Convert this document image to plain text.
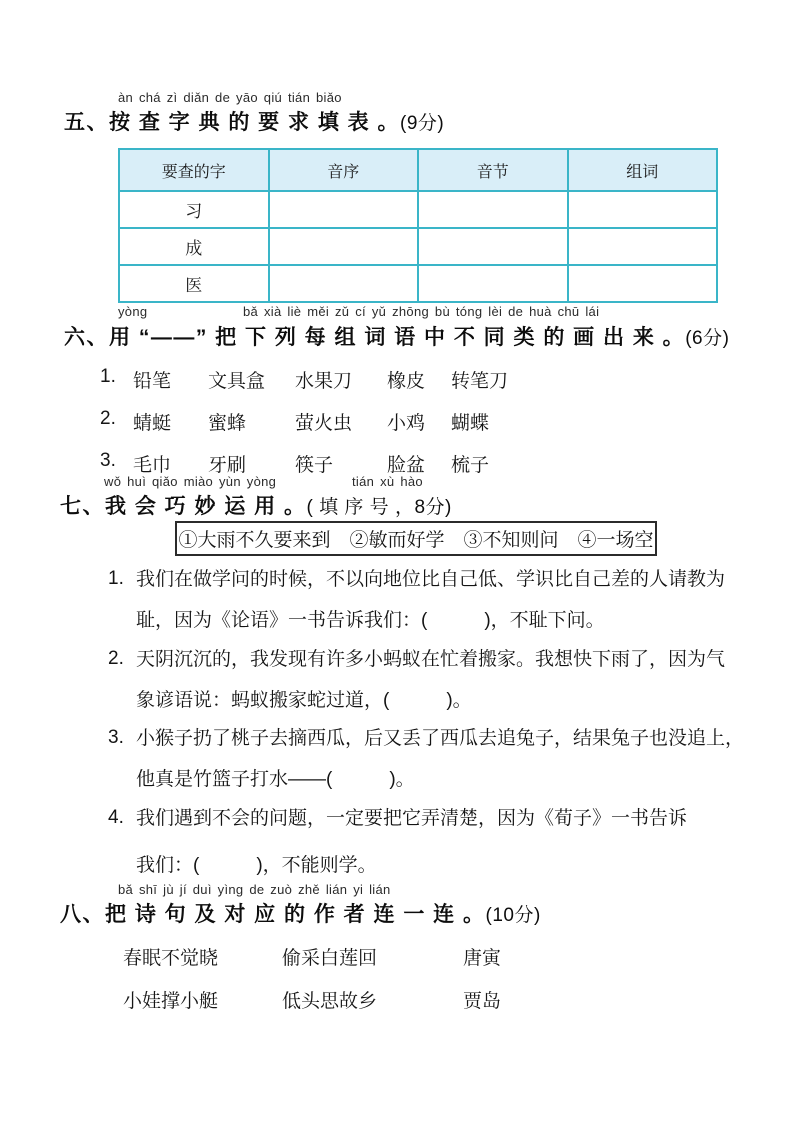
àn chá zì diǎn de yāo qiú tián biǎo
五、按 查 字 典 的 要 求 填 表 。(9分)
要查的字	音序	音节	组词
习			
成			
医			
yòng	bǎ xià liè měi zǔ cí yǔ zhōng bù tóng lèi de huà chū lái
六、用 “——” 把 下 列 每 组 词 语 中 不 同 类 的 画 出 来 。(6分)
1. 铅笔	文具盒	水果刀	橡皮	转笔刀
2. 蜻蜓	蜜蜂	萤火虫	小鸡	蝴蝶
3. 毛巾	牙刷	筷子	脸盆	梳子
wǒ huì qiǎo miào yùn yòng	tián xù hào
七、我 会 巧 妙 运 用 。( 填 序 号 ，8分)
①大雨不久要来到　②敏而好学　③不知则问　④一场空
1. 我们在做学问的时候，不以向地位比自己低、学识比自己差的人请教为
耻，因为《论语》一书告诉我们：(　　　)，不耻下问。
2. 天阴沉沉的，我发现有许多小蚂蚁在忙着搬家。我想快下雨了，因为气
象谚语说：蚂蚁搬家蛇过道，(　　　)。
3. 小猴子扔了桃子去摘西瓜，后又丢了西瓜去追兔子，结果兔子也没追上，
他真是竹篮子打水——(　　　)。
4. 我们遇到不会的问题，一定要把它弄清楚，因为《荀子》一书告诉
我们：(　　　)，不能则学。
bǎ shī jù jí duì yìng de zuò zhě lián yi lián
八、把 诗 句 及 对 应 的 作 者 连 一 连 。(10分)
春眠不觉晓	偷采白莲回	唐寅
小娃撑小艇	低头思故乡	贾岛
